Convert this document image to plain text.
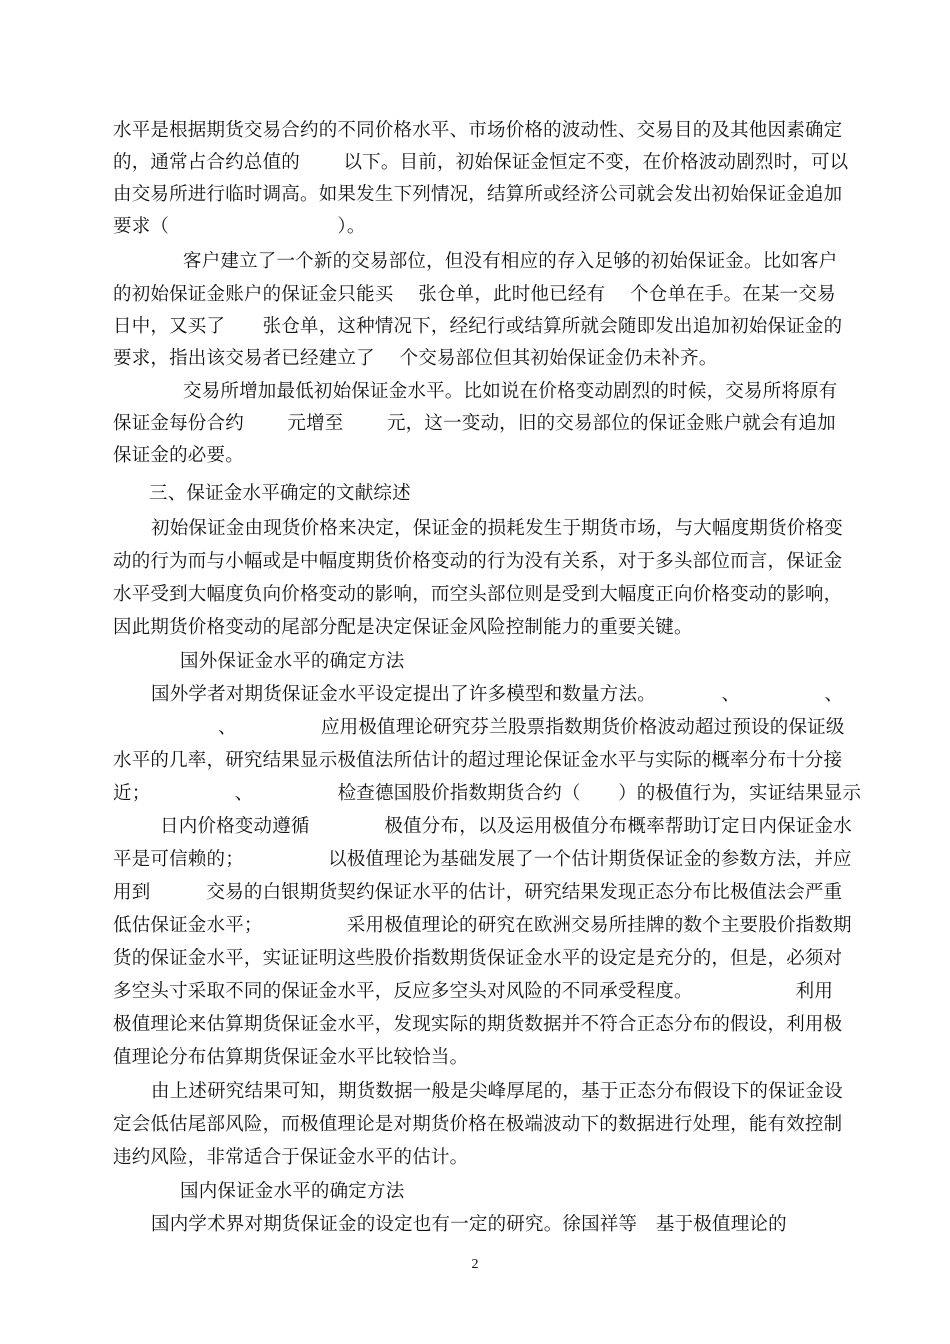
水平是根据期货交易合约的不同价格水平、市场价格的波动性、交易目的及其他因素确定
的，通常占合约总值的　　 以下。目前，初始保证金恒定不变，在价格波动剧烈时，可以
由交易所进行临时调高。如果发生下列情况，结算所或经济公司就会发出初始保证金追加
要求（　　　　　　　　　）。
客户建立了一个新的交易部位，但没有相应的存入足够的初始保证金。比如客户
的初始保证金账户的保证金只能买　 张仓单，此时他已经有　 个仓单在手。在某一交易
日中，又买了　　张仓单，这种情况下，经纪行或结算所就会随即发出追加初始保证金的
要求，指出该交易者已经建立了　 个交易部位但其初始保证金仍未补齐。
交易所增加最低初始保证金水平。比如说在价格变动剧烈的时候，交易所将原有
保证金每份合约　　 元增至　　 元，这一变动，旧的交易部位的保证金账户就会有追加
保证金的必要。
三、保证金水平确定的文献综述
初始保证金由现货价格来决定，保证金的损耗发生于期货市场，与大幅度期货价格变
动的行为而与小幅或是中幅度期货价格变动的行为没有关系，对于多头部位而言，保证金
水平受到大幅度负向价格变动的影响，而空头部位则是受到大幅度正向价格变动的影响，
因此期货价格变动的尾部分配是决定保证金风险控制能力的重要关键。
国外保证金水平的确定方法
国外学者对期货保证金水平设定提出了许多模型和数量方法。　　　　、　　　　　、
、　　　　　应用极值理论研究芬兰股票指数期货价格波动超过预设的保证级
水平的几率，研究结果显示极值法所估计的超过理论保证金水平与实际的概率分布十分接
近；　　　　　、　　　　　检查德国股价指数期货合约（　　）的极值行为，实证结果显示
日内价格变动遵循　　　　极值分布，以及运用极值分布概率帮助订定日内保证金水
平是可信赖的；　　　　　以极值理论为基础发展了一个估计期货保证金的参数方法，并应
用到　　　交易的白银期货契约保证水平的估计，研究结果发现正态分布比极值法会严重
低估保证金水平；　　　　　采用极值理论的研究在欧洲交易所挂牌的数个主要股价指数期
货的保证金水平，实证证明这些股价指数期货保证金水平的设定是充分的，但是，必须对
多空头寸采取不同的保证金水平，反应多空头对风险的不同承受程度。　　　　　　利用
极值理论来估算期货保证金水平，发现实际的期货数据并不符合正态分布的假设，利用极
值理论分布估算期货保证金水平比较恰当。
由上述研究结果可知，期货数据一般是尖峰厚尾的，基于正态分布假设下的保证金设
定会低估尾部风险，而极值理论是对期货价格在极端波动下的数据进行处理，能有效控制
违约风险，非常适合于保证金水平的估计。
国内保证金水平的确定方法
国内学术界对期货保证金的设定也有一定的研究。徐国祥等　基于极值理论的
2
